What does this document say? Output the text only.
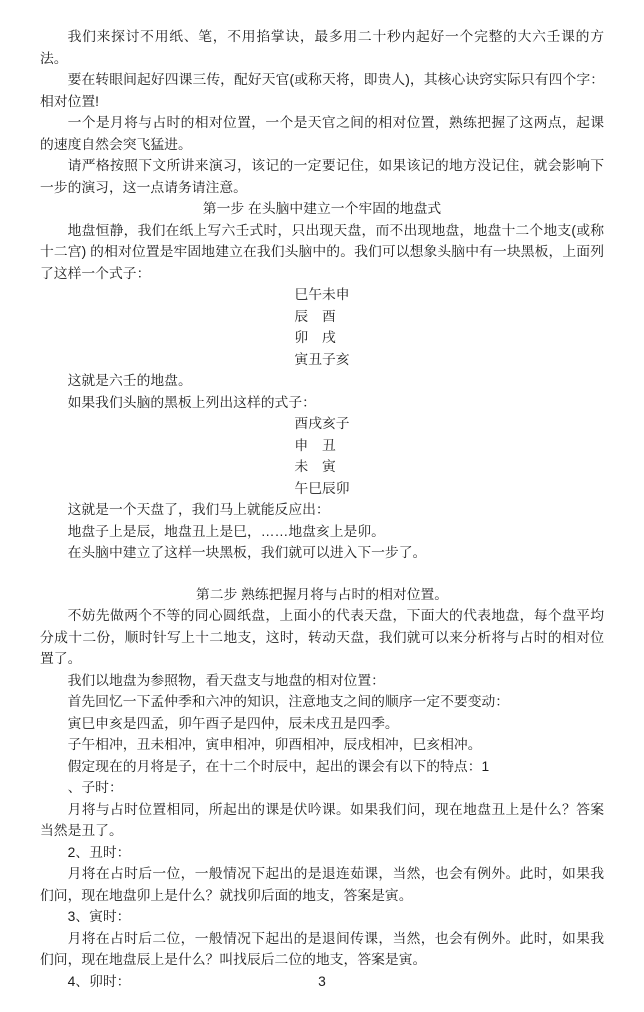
我们来探讨不用纸、笔，不用掐掌诀，最多用二十秒内起好一个完整的大六壬课的方法。

要在转眼间起好四课三传，配好天官(或称天将，即贵人)，其核心诀窍实际只有四个字：相对位置!

一个是月将与占时的相对位置，一个是天官之间的相对位置，熟练把握了这两点，起课的速度自然会突飞猛进。

请严格按照下文所讲来演习，该记的一定要记住，如果该记的地方没记住，就会影响下一步的演习，这一点请务请注意。

第一步 在头脑中建立一个牢固的地盘式

地盘恒静，我们在纸上写六壬式时，只出现天盘，而不出现地盘，地盘十二个地支(或称十二宫) 的相对位置是牢固地建立在我们头脑中的。我们可以想象头脑中有一块黑板，上面列了这样一个式子：

巳午未申
辰　酉
卯　戌
寅丑子亥

这就是六壬的地盘。

如果我们头脑的黑板上列出这样的式子：

酉戌亥子
申　丑
未　寅
午巳辰卯

这就是一个天盘了，我们马上就能反应出：

地盘子上是辰，地盘丑上是巳，……地盘亥上是卯。

在头脑中建立了这样一块黑板，我们就可以进入下一步了。

第二步 熟练把握月将与占时的相对位置。

不妨先做两个不等的同心圆纸盘，上面小的代表天盘，下面大的代表地盘，每个盘平均分成十二份，顺时针写上十二地支，这时，转动天盘，我们就可以来分析将与占时的相对位置了。

我们以地盘为参照物，看天盘支与地盘的相对位置：

首先回忆一下孟仲季和六冲的知识，注意地支之间的顺序一定不要变动：

寅巳申亥是四孟，卯午酉子是四仲，辰未戌丑是四季。

子午相冲，丑未相冲，寅申相冲，卯酉相冲，辰戌相冲，巳亥相冲。

假定现在的月将是子，在十二个时辰中，起出的课会有以下的特点：1

、子时：

月将与占时位置相同，所起出的课是伏吟课。如果我们问，现在地盘丑上是什么？答案当然是丑了。

2、丑时：

月将在占时后一位，一般情况下起出的是退连茹课，当然，也会有例外。此时，如果我们问，现在地盘卯上是什么？就找卯后面的地支，答案是寅。

3、寅时：

月将在占时后二位，一般情况下起出的是退间传课，当然，也会有例外。此时，如果我们问，现在地盘辰上是什么？叫找辰后二位的地支，答案是寅。

4、卯时：	3
